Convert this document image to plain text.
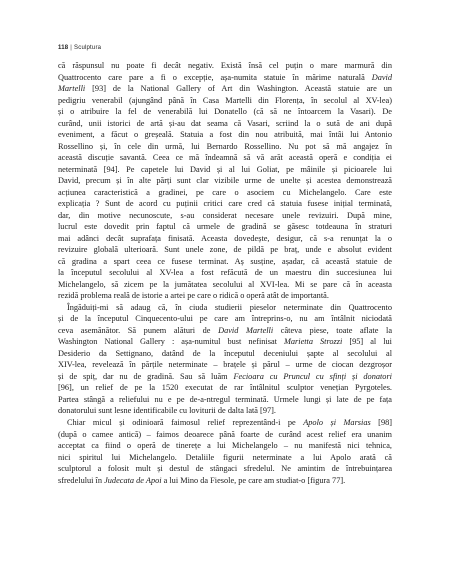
118 | Sculptura
că răspunsul nu poate fi decât negativ. Există însă cel puțin o mare marmură din
Quattrocento care pare a fi o excepție, așa-numita statuie în mărime naturală David
Martelli [93] de la National Gallery of Art din Washington. Această statuie are un
pedigriu venerabil (ajungând până în Casa Martelli din Florența, în secolul al XV-lea)
și o atribuire la fel de venerabilă lui Donatello (că să ne întoarcem la Vasari). De
curând, unii istorici de artă și-au dat seama că Vasari, scriind la o sută de ani după
eveniment, a făcut o greșeală. Statuia a fost din nou atribuită, mai întâi lui Antonio
Rossellino și, în cele din urmă, lui Bernardo Rossellino. Nu pot să mă angajez în
această discuție savantă. Ceea ce mă îndeamnă să vă arăt această operă e condiția ei
neterminată [94]. Pe capetele lui David și al lui Goliat, pe mâinile și picioarele lui
David, precum și în alte părți sunt clar vizibile urme de unelte și acestea demonstrează
acțiunea caracteristică a gradinei, pe care o asociem cu Michelangelo. Care este
explicația ? Sunt de acord cu puținii critici care cred că statuia fusese inițial terminată,
dar, din motive necunoscute, s-au considerat necesare unele revizuiri. După mine,
lucrul este dovedit prin faptul că urmele de gradină se găsesc totdeauna în straturi
mai adânci decât suprafața finisată. Aceasta dovedește, desigur, că s-a renunțat la o
revizuire globală ulterioară. Sunt unele zone, de pildă pe braț, unde e absolut evident
că gradina a spart ceea ce fusese terminat. Aș susține, așadar, că această statuie de
la începutul secolului al XV-lea a fost refăcută de un maestru din succesiunea lui
Michelangelo, să zicem pe la jumătatea secolului al XVI-lea. Mi se pare că în aceasta
rezidă problema reală de istorie a artei pe care o ridică o operă atât de importantă.
Îngăduiți-mi să adaug că, în ciuda studierii pieselor neterminate din Quattrocento
și de la începutul Cinquecento-ului pe care am întreprins-o, nu am întâlnit niciodată
ceva asemănător. Să punem alături de David Martelli câteva piese, toate aflate la
Washington National Gallery : așa-numitul bust nefinisat Marietta Strozzi [95] al lui
Desiderio da Settignano, datând de la începutul deceniului șapte al secolului al
XIV-lea, revelează în părțile neterminate – brațele și părul – urme de ciocan dezgroșor
și de spiț, dar nu de gradină. Sau să luăm Fecioara cu Pruncul cu sfinți și donatori
[96], un relief de pe la 1520 executat de rar întâlnitul sculptor venețian Pyrgoteles.
Partea stângă a reliefului nu e pe de-a-ntregul terminată. Urmele lungi și late de pe fața
donatorului sunt lesne identificabile cu loviturii de dalta lată [97].
Chiar micul și odinioară faimosul relief reprezentând-i pe Apolo și Marsias [98]
(după o camee antică) – faimos deoarece până foarte de curând acest relief era unanim
acceptat ca fiind o operă de tinerețe a lui Michelangelo – nu manifestă nici tehnica,
nici spiritul lui Michelangelo. Detaliile figurii neterminate a lui Apolo arată că
sculptorul a folosit mult și destul de stângaci sfredelul. Ne amintim de întrebuințarea
sfredelului în Judecata de Apoi a lui Mino da Fiesole, pe care am studiat-o [figura 77].
